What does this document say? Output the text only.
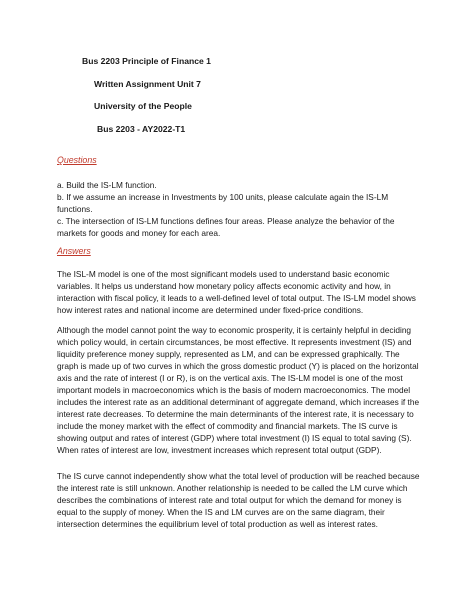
Bus 2203 Principle of Finance 1
Written Assignment Unit 7
University of the People
Bus 2203 - AY2022-T1
Questions

a. Build the IS-LM function.

b. If we assume an increase in Investments by 100 units, please calculate again the IS-LM functions.

c. The intersection of IS-LM functions defines four areas. Please analyze the behavior of the markets for goods and money for each area.

Answers

The ISL-M model is one of the most significant models used to understand basic economic variables. It helps us understand how monetary policy affects economic activity and how, in interaction with fiscal policy, it leads to a well-defined level of total output. The IS-LM model shows how interest rates and national income are determined under fixed-price conditions.

Although the model cannot point the way to economic prosperity, it is certainly helpful in deciding which policy would, in certain circumstances, be most effective. It represents investment (IS) and liquidity preference money supply, represented as LM, and can be expressed graphically. The graph is made up of two curves in which the gross domestic product (Y) is placed on the horizontal axis and the rate of interest (I or R), is on the vertical axis. The IS-LM model is one of the most important models in macroeconomics which is the basis of modern macroeconomics. The model includes the interest rate as an additional determinant of aggregate demand, which increases if the interest rate decreases. To determine the main determinants of the interest rate, it is necessary to include the money market with the effect of commodity and financial markets. The IS curve is showing output and rates of interest (GDP) where total investment (I) IS equal to total saving (S). When rates of interest are low, investment increases which represent total output (GDP).

The IS curve cannot independently show what the total level of production will be reached because the interest rate is still unknown. Another relationship is needed to be called the LM curve which describes the combinations of interest rate and total output for which the demand for money is equal to the supply of money. When the IS and LM curves are on the same diagram, their intersection determines the equilibrium level of total production as well as interest rates.
